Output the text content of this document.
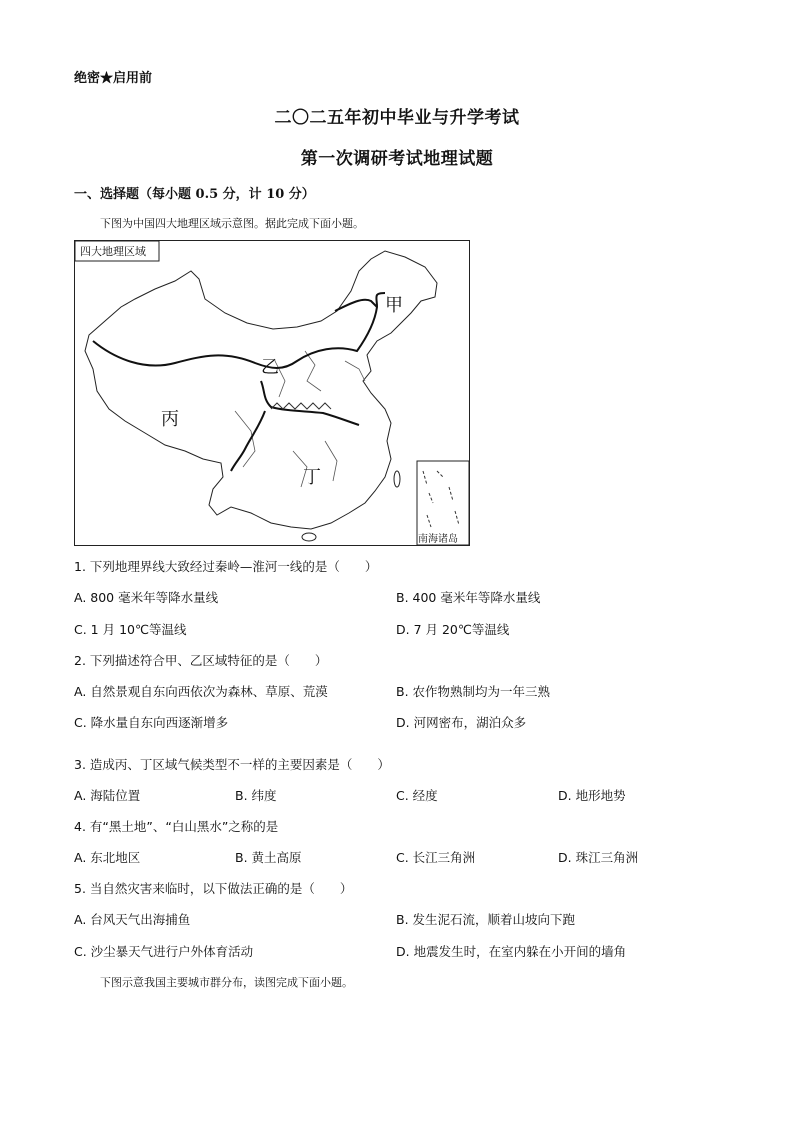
绝密★启用前
二〇二五年初中毕业与升学考试
第一次调研考试地理试题
一、选择题（每小题 0.5 分，计 10 分）
下图为中国四大地理区域示意图。据此完成下面小题。
四大地理区域
甲
乙
丙
丁
南海诸岛
1. 下列地理界线大致经过秦岭—淮河一线的是（　　）
A. 800 毫米年等降水量线	B. 400 毫米年等降水量线
C. 1 月 10℃等温线	D. 7 月 20℃等温线
2. 下列描述符合甲、乙区域特征的是（　　）
A. 自然景观自东向西依次为森林、草原、荒漠	B. 农作物熟制均为一年三熟
C. 降水量自东向西逐渐增多	D. 河网密布，湖泊众多
3. 造成丙、丁区域气候类型不一样的主要因素是（　　）
A. 海陆位置	B. 纬度	C. 经度	D. 地形地势
4. 有“黑土地”、“白山黑水”之称的是
A. 东北地区	B. 黄土高原	C. 长江三角洲	D. 珠江三角洲
5. 当自然灾害来临时，以下做法正确的是（　　）
A. 台风天气出海捕鱼	B. 发生泥石流，顺着山坡向下跑
C. 沙尘暴天气进行户外体育活动	D. 地震发生时，在室内躲在小开间的墙角
下图示意我国主要城市群分布，读图完成下面小题。
